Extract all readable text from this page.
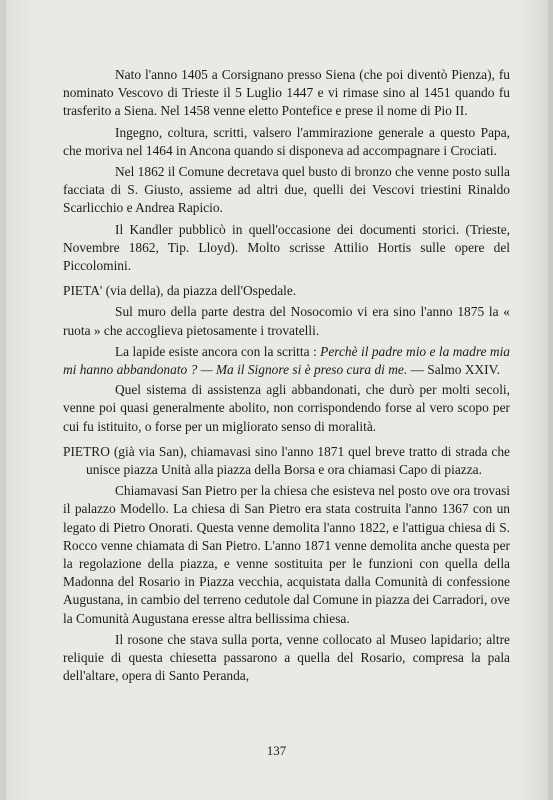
Nato l'anno 1405 a Corsignano presso Siena (che poi diventò Pienza), fu nominato Vescovo di Trieste il 5 Luglio 1447 e vi rimase sino al 1451 quando fu trasferito a Siena. Nel 1458 venne eletto Pontefice e prese il nome di Pio II.

Ingegno, coltura, scritti, valsero l'ammirazione generale a questo Papa, che moriva nel 1464 in Ancona quando si disponeva ad accompagnare i Crociati.

Nel 1862 il Comune decretava quel busto di bronzo che venne posto sulla facciata di S. Giusto, assieme ad altri due, quelli dei Vescovi triestini Rinaldo Scarlicchio e Andrea Rapicio.

Il Kandler pubblicò in quell'occasione dei documenti storici. (Trieste, Novembre 1862, Tip. Lloyd). Molto scrisse Attilio Hortis sulle opere del Piccolomini.

PIETA' (via della), da piazza dell'Ospedale.

Sul muro della parte destra del Nosocomio vi era sino l'anno 1875 la « ruota » che accoglieva pietosamente i trovatelli.

La lapide esiste ancora con la scritta : Perchè il padre mio e la madre mia mi hanno abbandonato ? — Ma il Signore si è preso cura di me. — Salmo XXIV.

Quel sistema di assistenza agli abbandonati, che durò per molti secoli, venne poi quasi generalmente abolito, non corrispondendo forse al vero scopo per cui fu istituito, o forse per un migliorato senso di moralità.

PIETRO (già via San), chiamavasi sino l'anno 1871 quel breve tratto di strada che unisce piazza Unità alla piazza della Borsa e ora chiamasi Capo di piazza.

Chiamavasi San Pietro per la chiesa che esisteva nel posto ove ora trovasi il palazzo Modello. La chiesa di San Pietro era stata costruita l'anno 1367 con un legato di Pietro Onorati. Questa venne demolita l'anno 1822, e l'attigua chiesa di S. Rocco venne chiamata di San Pietro. L'anno 1871 venne demolita anche questa per la regolazione della piazza, e venne sostituita per le funzioni con quella della Madonna del Rosario in Piazza vecchia, acquistata dalla Comunità di confessione Augustana, in cambio del terreno cedutole dal Comune in piazza dei Carradori, ove la Comunità Augustana eresse altra bellissima chiesa.

Il rosone che stava sulla porta, venne collocato al Museo lapidario; altre reliquie di questa chiesetta passarono a quella del Rosario, compresa la pala dell'altare, opera di Santo Peranda,

137
